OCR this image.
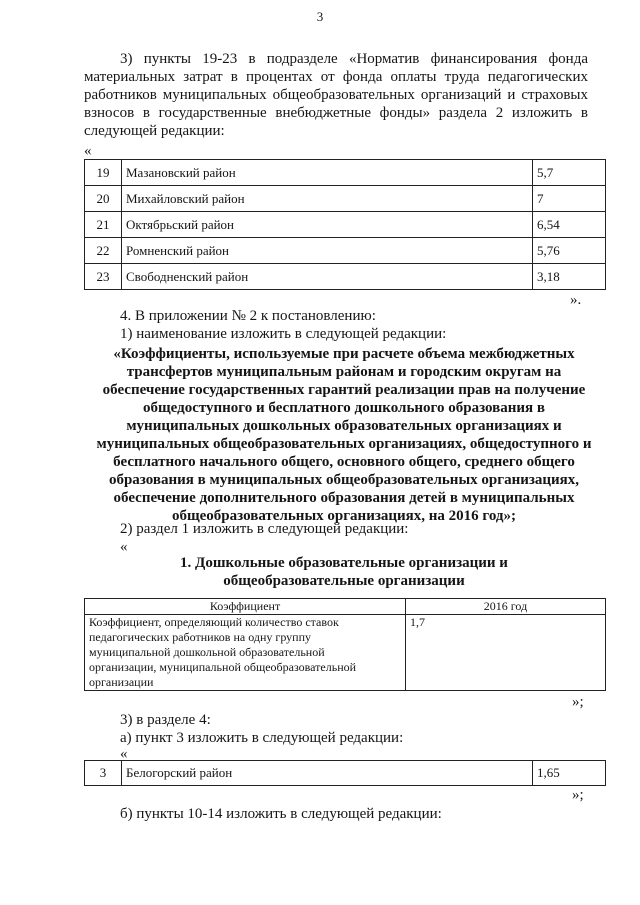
3

3) пункты 19-23 в подразделе «Норматив финансирования фонда материальных затрат в процентах от фонда оплаты труда педагогических работников муниципальных общеобразовательных организаций и страховых взносов в государственные внебюджетные фонды» раздела 2 изложить в следующей редакции:

«
19	Мазановский район	5,7
20	Михайловский район	7
21	Октябрьский район	6,54
22	Ромненский район	5,76
23	Свободненский район	3,18
».
4. В приложении № 2 к постановлению:
1) наименование изложить в следующей редакции:
«Коэффициенты, используемые при расчете объема межбюджетных
трансфертов муниципальным районам и городским округам на
обеспечение государственных гарантий реализации прав на получение
общедоступного и бесплатного дошкольного образования в
муниципальных дошкольных образовательных организациях и
муниципальных общеобразовательных организациях, общедоступного и
бесплатного начального общего, основного общего, среднего общего
образования в муниципальных общеобразовательных организациях,
обеспечение дополнительного образования детей в муниципальных
общеобразовательных организациях, на 2016 год»;
2) раздел 1 изложить в следующей редакции:
«
1. Дошкольные образовательные организации и
общеобразовательные организации
Коэффициент	2016 год

Коэффициент, определяющий количество ставок
педагогических работников на одну группу
муниципальной дошкольной образовательной
организации, муниципальной общеобразовательной
организации	1,7
»;
3) в разделе 4:
а) пункт 3 изложить в следующей редакции:
«
3	Белогорский район	1,65
»;
б) пункты 10-14 изложить в следующей редакции:
